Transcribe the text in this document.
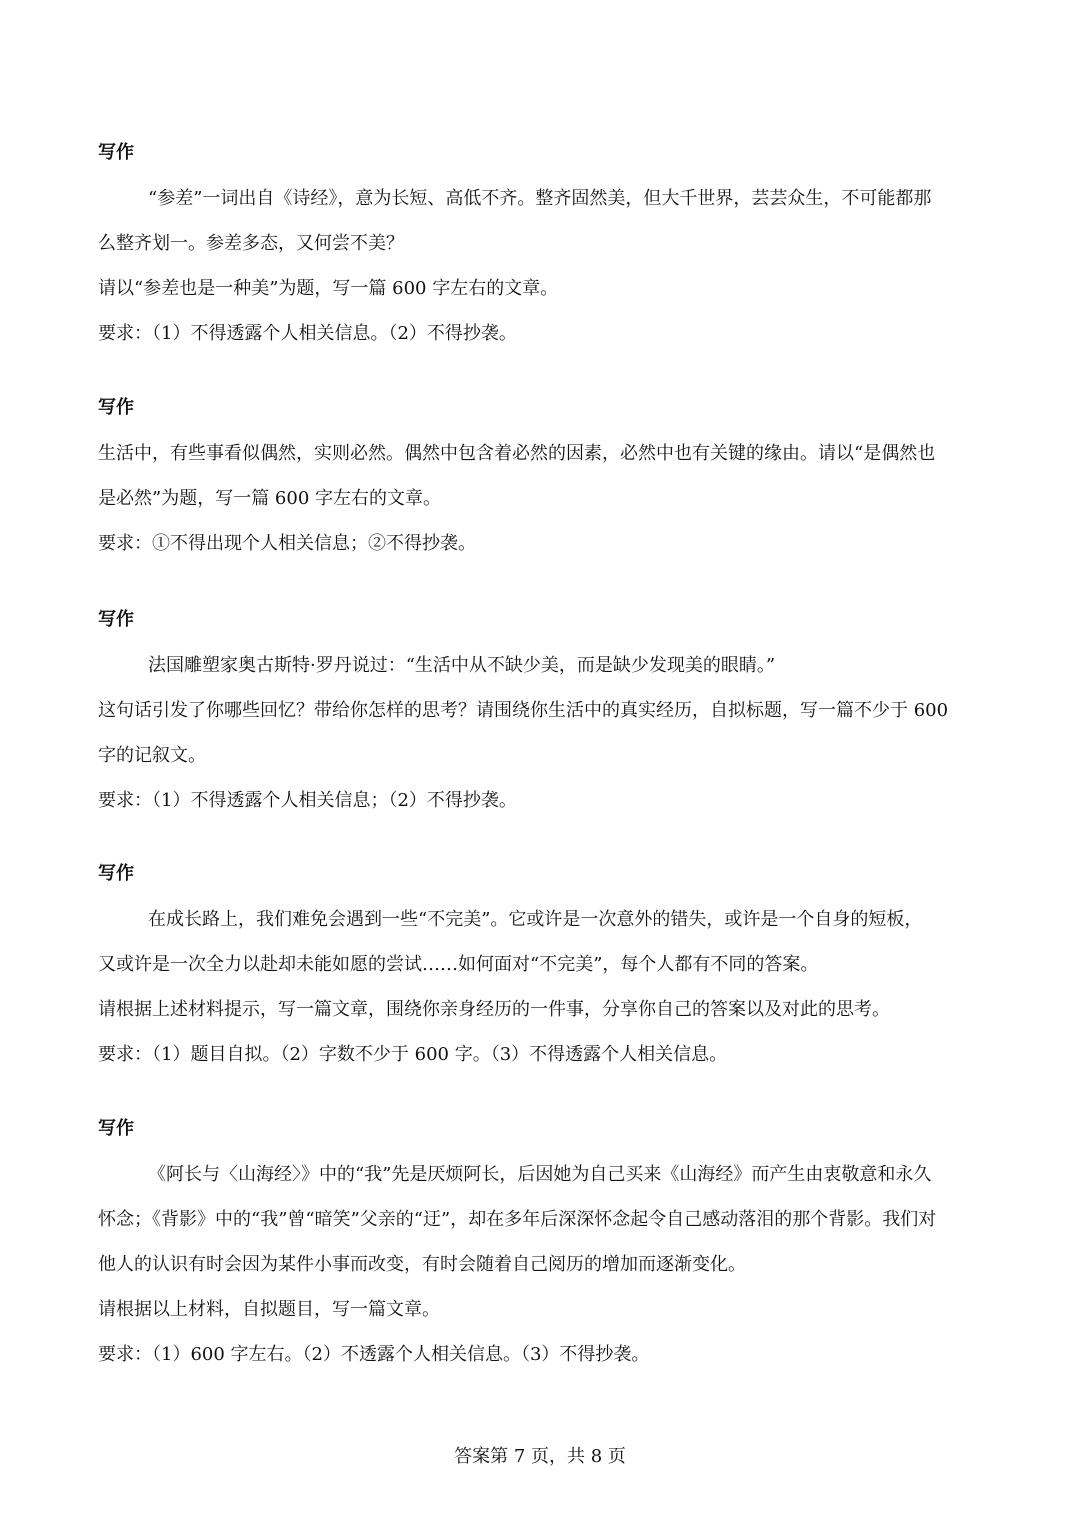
写作
“参差”一词出自《诗经》，意为长短、高低不齐。整齐固然美，但大千世界，芸芸众生，不可能都那
么整齐划一。参差多态，又何尝不美？
请以“参差也是一种美”为题，写一篇 600 字左右的文章。
要求：（1）不得透露个人相关信息。（2）不得抄袭。
写作
生活中，有些事看似偶然，实则必然。偶然中包含着必然的因素，必然中也有关键的缘由。请以“是偶然也
是必然”为题，写一篇 600 字左右的文章。
要求：①不得出现个人相关信息；②不得抄袭。
写作
法国雕塑家奥古斯特·罗丹说过：“生活中从不缺少美，而是缺少发现美的眼睛。”
这句话引发了你哪些回忆？带给你怎样的思考？请围绕你生活中的真实经历，自拟标题，写一篇不少于 600
字的记叙文。
要求：（1）不得透露个人相关信息；（2）不得抄袭。
写作
在成长路上，我们难免会遇到一些“不完美”。它或许是一次意外的错失，或许是一个自身的短板，
又或许是一次全力以赴却未能如愿的尝试……如何面对“不完美”，每个人都有不同的答案。
请根据上述材料提示，写一篇文章，围绕你亲身经历的一件事，分享你自己的答案以及对此的思考。
要求：（1）题目自拟。（2）字数不少于 600 字。（3）不得透露个人相关信息。
写作
《阿长与〈山海经〉》中的“我”先是厌烦阿长，后因她为自己买来《山海经》而产生由衷敬意和永久
怀念；《背影》中的“我”曾“暗笑”父亲的“迂”，却在多年后深深怀念起令自己感动落泪的那个背影。我们对
他人的认识有时会因为某件小事而改变，有时会随着自己阅历的增加而逐渐变化。
请根据以上材料，自拟题目，写一篇文章。
要求：（1）600 字左右。（2）不透露个人相关信息。（3）不得抄袭。
答案第 7 页，共 8 页
